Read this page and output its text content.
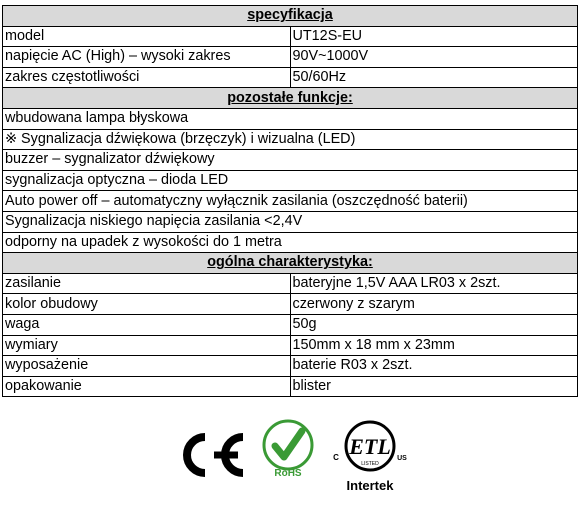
specyfikacja	
model	UT12S-EU
napięcie AC (High) – wysoki zakres	90V~1000V
zakres częstotliwości	50/60Hz
pozostałe funkcje:	
wbudowana lampa błyskowa	
※ Sygnalizacja dźwiękowa (brzęczyk) i wizualna (LED)	
buzzer – sygnalizator dźwiękowy	
sygnalizacja optyczna – dioda LED	
Auto power off – automatyczny wyłącznik zasilania (oszczędność baterii)	
Sygnalizacja niskiego napięcia zasilania <2,4V	
odporny na upadek z wysokości do 1 metra	
ogólna charakterystyka:	
zasilanie	bateryjne 1,5V AAA LR03 x 2szt.
kolor obudowy	czerwony z szarym
waga	50g
wymiary	150mm x 18 mm x 23mm
wyposażenie	baterie R03 x 2szt.
opakowanie	blister
RoHS
ETL
LISTED
C	US
Intertek
